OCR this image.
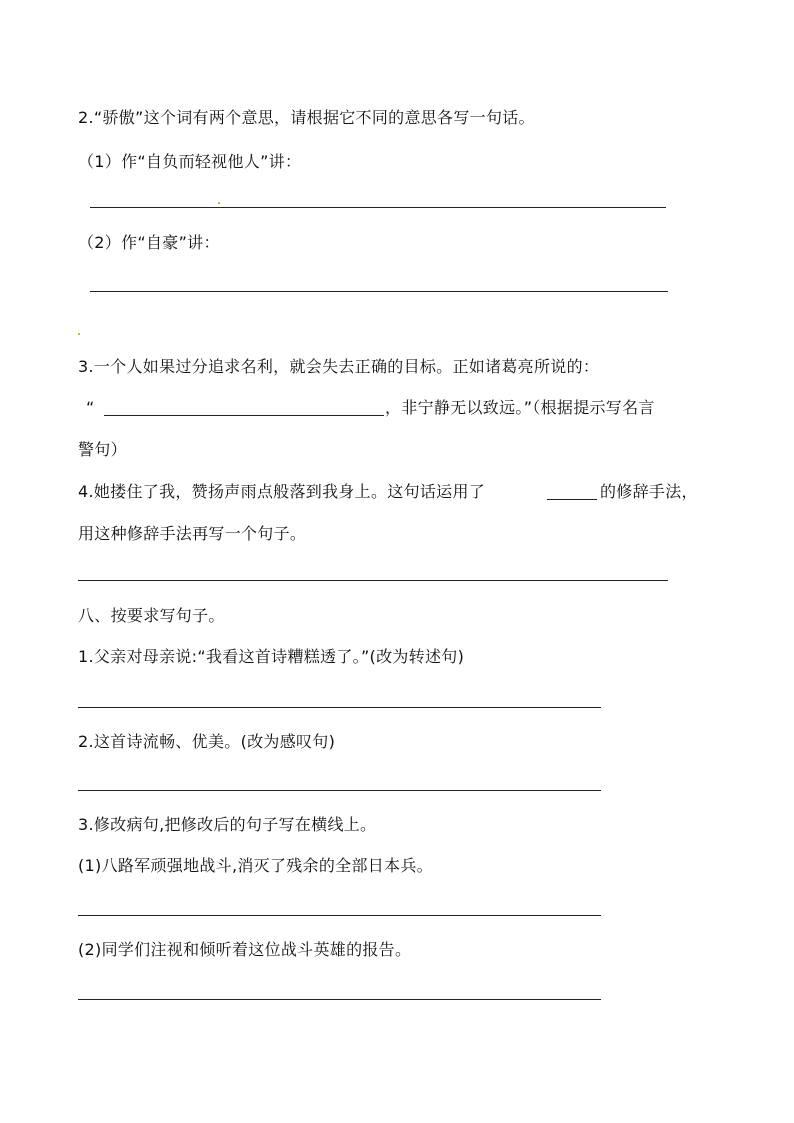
2.“骄傲”这个词有两个意思，请根据它不同的意思各写一句话。
（1）作“自负而轻视他人”讲：
（2）作“自豪”讲：
3.一个人如果过分追求名利，就会失去正确的目标。正如诸葛亮所说的：
“	，非宁静无以致远。”（根据提示写名言
警句）
4.她搂住了我，赞扬声雨点般落到我身上。这句话运用了	的修辞手法，
用这种修辞手法再写一个句子。
八、按要求写句子。
1.父亲对母亲说:“我看这首诗糟糕透了。”(改为转述句)
2.这首诗流畅、优美。(改为感叹句)
3.修改病句,把修改后的句子写在横线上。
(1)八路军顽强地战斗,消灭了残余的全部日本兵。
(2)同学们注视和倾听着这位战斗英雄的报告。
